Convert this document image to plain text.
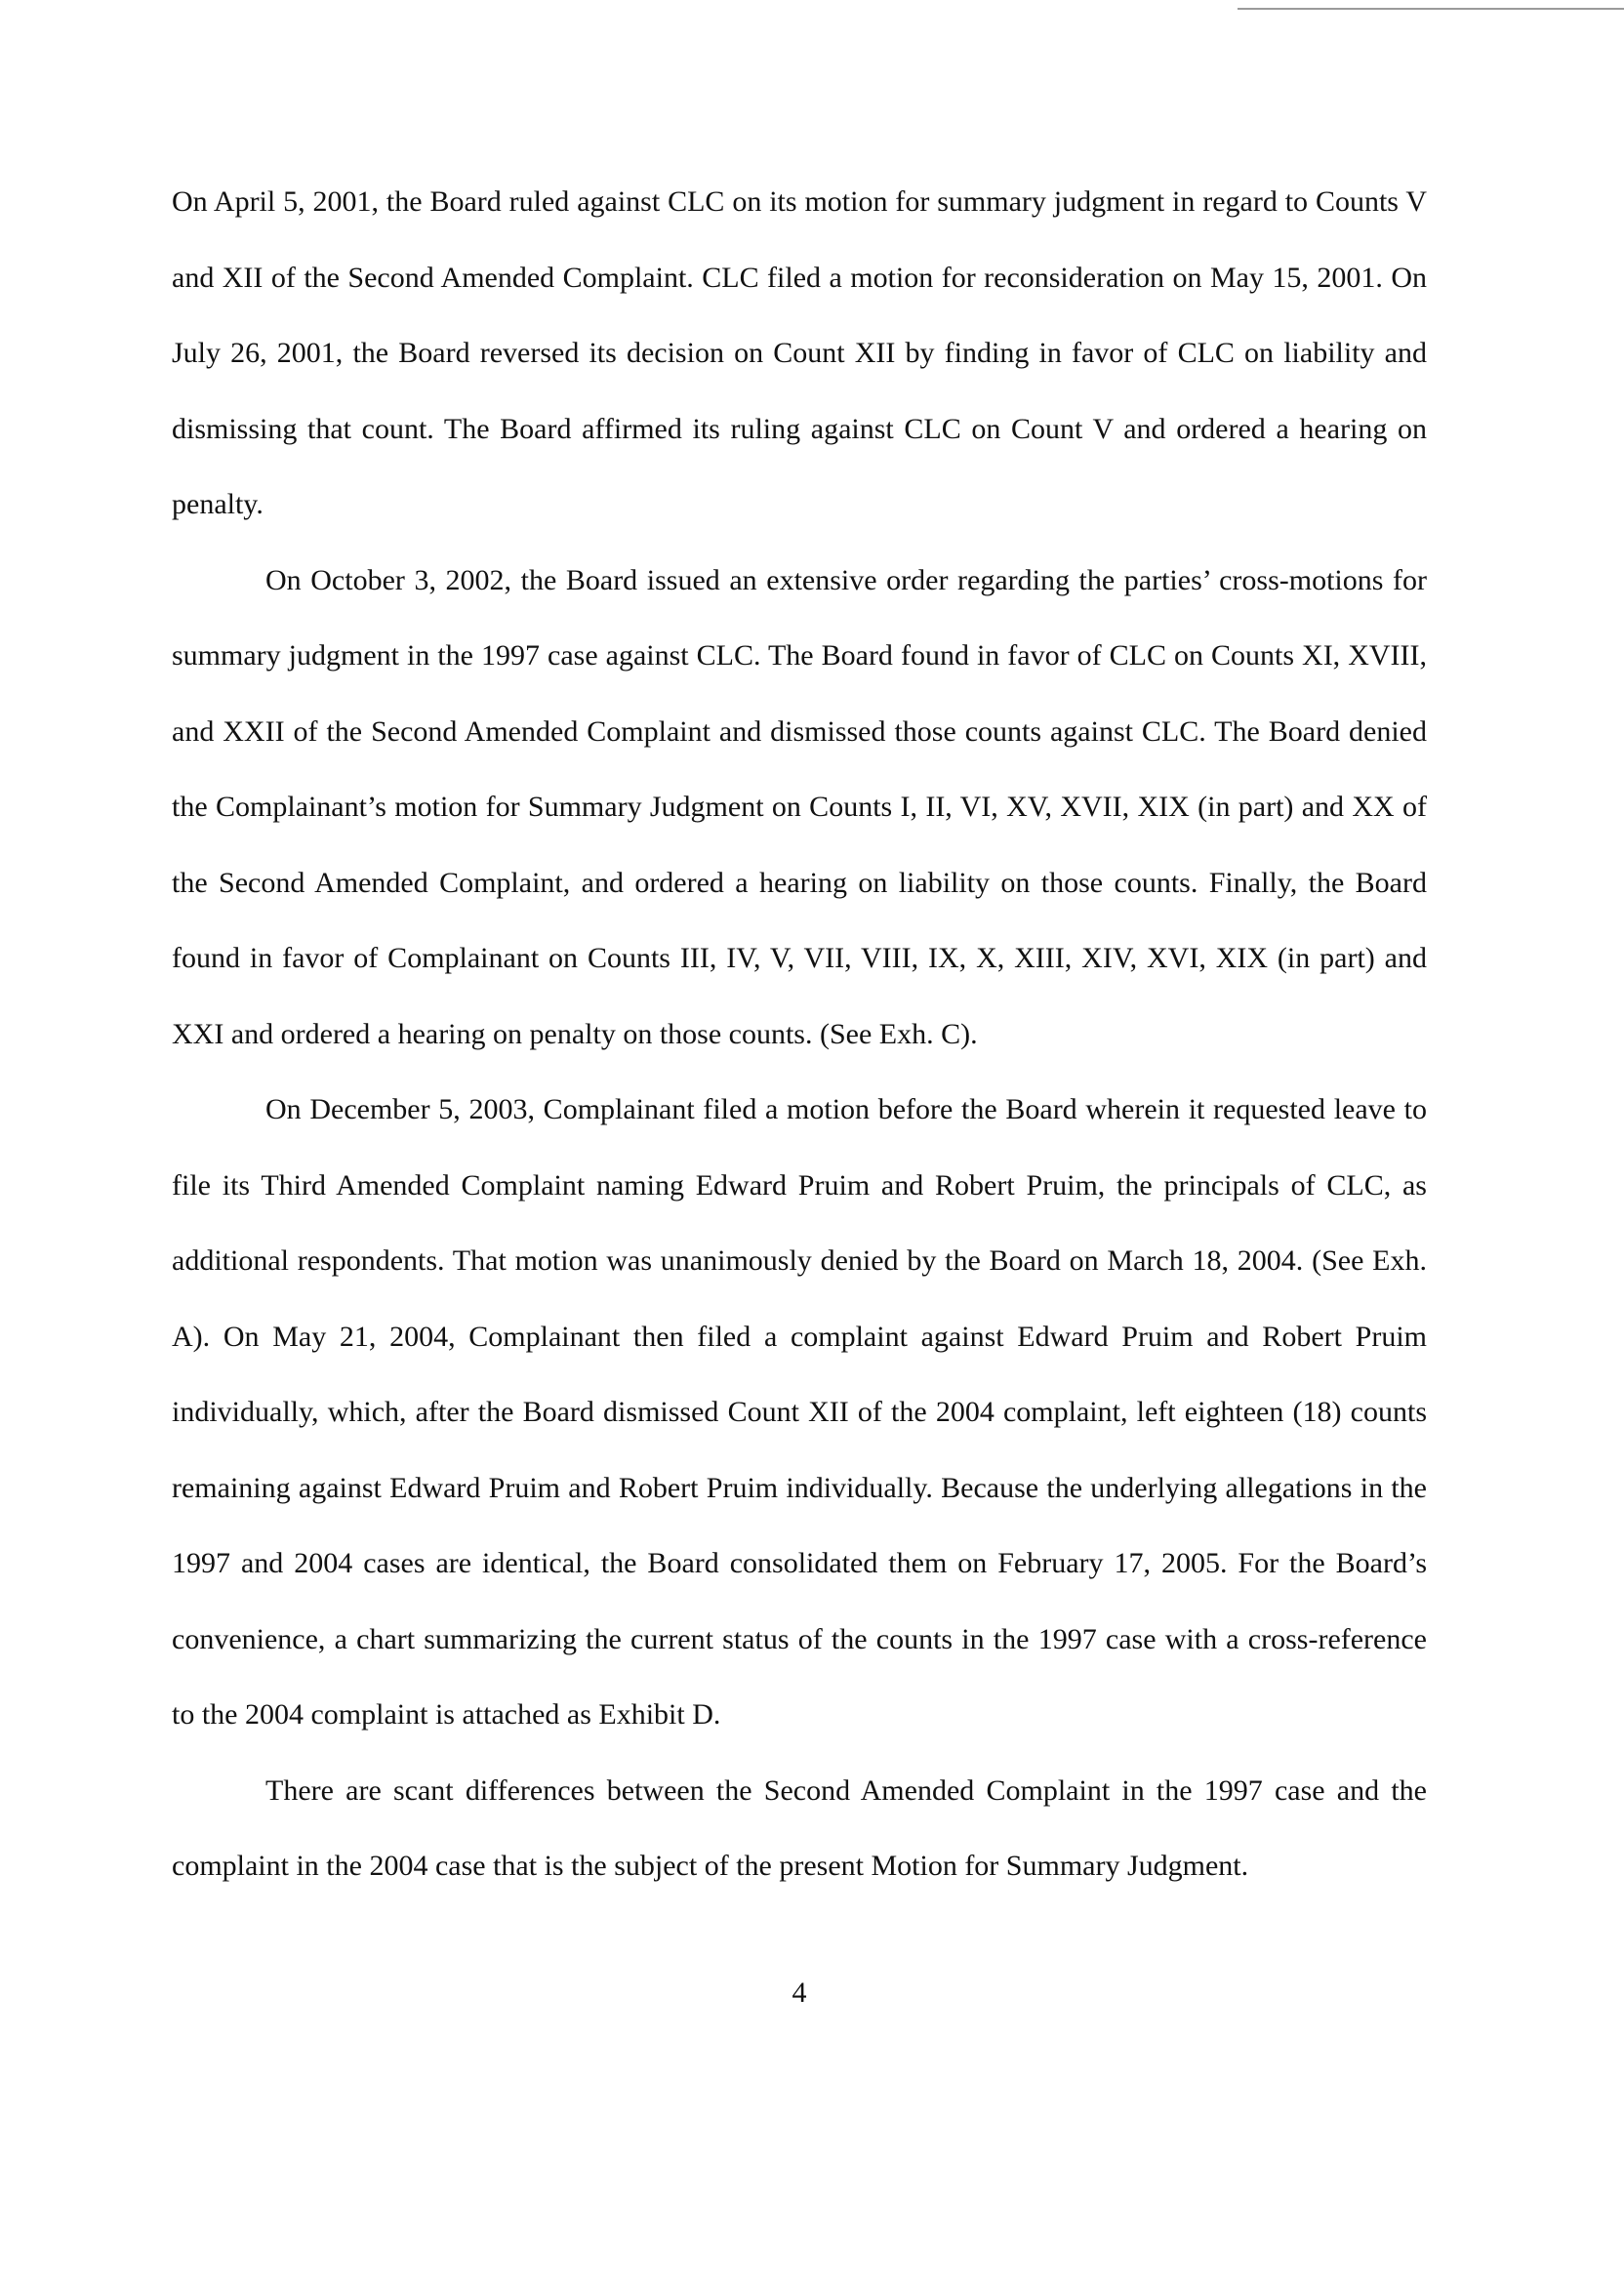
On April 5, 2001, the Board ruled against CLC on its motion for summary judgment in regard to Counts V and XII of the Second Amended Complaint. CLC filed a motion for reconsideration on May 15, 2001. On July 26, 2001, the Board reversed its decision on Count XII by finding in favor of CLC on liability and dismissing that count. The Board affirmed its ruling against CLC on Count V and ordered a hearing on penalty.

On October 3, 2002, the Board issued an extensive order regarding the parties’ cross-motions for summary judgment in the 1997 case against CLC. The Board found in favor of CLC on Counts XI, XVIII, and XXII of the Second Amended Complaint and dismissed those counts against CLC. The Board denied the Complainant’s motion for Summary Judgment on Counts I, II, VI, XV, XVII, XIX (in part) and XX of the Second Amended Complaint, and ordered a hearing on liability on those counts. Finally, the Board found in favor of Complainant on Counts III, IV, V, VII, VIII, IX, X, XIII, XIV, XVI, XIX (in part) and XXI and ordered a hearing on penalty on those counts. (See Exh. C).

On December 5, 2003, Complainant filed a motion before the Board wherein it requested leave to file its Third Amended Complaint naming Edward Pruim and Robert Pruim, the principals of CLC, as additional respondents. That motion was unanimously denied by the Board on March 18, 2004. (See Exh. A). On May 21, 2004, Complainant then filed a complaint against Edward Pruim and Robert Pruim individually, which, after the Board dismissed Count XII of the 2004 complaint, left eighteen (18) counts remaining against Edward Pruim and Robert Pruim individually. Because the underlying allegations in the 1997 and 2004 cases are identical, the Board consolidated them on February 17, 2005. For the Board’s convenience, a chart summarizing the current status of the counts in the 1997 case with a cross-reference to the 2004 complaint is attached as Exhibit D.

There are scant differences between the Second Amended Complaint in the 1997 case and the complaint in the 2004 case that is the subject of the present Motion for Summary Judgment.

4
